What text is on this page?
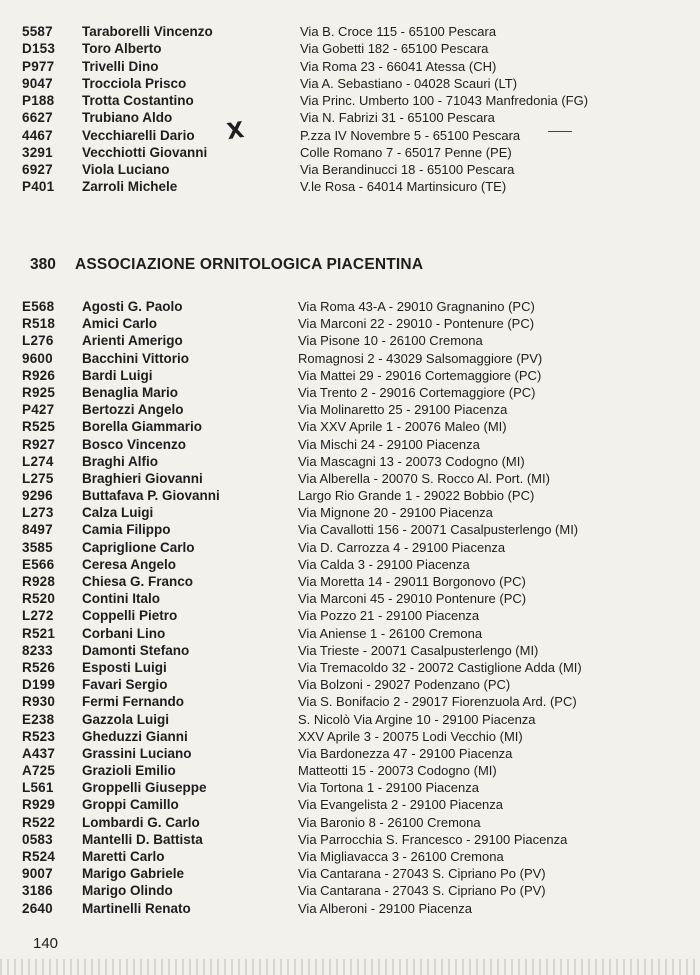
5587 Taraborelli Vincenzo	Via B. Croce 115 - 65100 Pescara
D153 Toro Alberto	Via Gobetti 182 - 65100 Pescara
P977 Trivelli Dino	Via Roma 23 - 66041 Atessa (CH)
9047 Trocciola Prisco	Via A. Sebastiano - 04028 Scauri (LT)
P188 Trotta Costantino	Via Princ. Umberto 100 - 71043 Manfredonia (FG)
6627 Trubiano Aldo	Via N. Fabrizi 31 - 65100 Pescara
4467 Vecchiarelli Dario	P.zza IV Novembre 5 - 65100 Pescara
3291 Vecchiotti Giovanni	Colle Romano 7 - 65017 Penne (PE)
6927 Viola Luciano	Via Berandinucci 18 - 65100 Pescara
P401 Zarroli Michele	V.le Rosa - 64014 Martinsicuro (TE)
X
380 ASSOCIAZIONE ORNITOLOGICA PIACENTINA
E568 Agosti G. Paolo	Via Roma 43-A - 29010 Gragnanino (PC)
R518 Amici Carlo	Via Marconi 22 - 29010 - Pontenure (PC)
L276 Arienti Amerigo	Via Pisone 10 - 26100 Cremona
9600 Bacchini Vittorio	Romagnosi 2 - 43029 Salsomaggiore (PV)
R926 Bardi Luigi	Via Mattei 29 - 29016 Cortemaggiore (PC)
R925 Benaglia Mario	Via Trento 2 - 29016 Cortemaggiore (PC)
P427 Bertozzi Angelo	Via Molinaretto 25 - 29100 Piacenza
R525 Borella Giammario	Via XXV Aprile 1 - 20076 Maleo (MI)
R927 Bosco Vincenzo	Via Mischi 24 - 29100 Piacenza
L274 Braghi Alfio	Via Mascagni 13 - 20073 Codogno (MI)
L275 Braghieri Giovanni	Via Alberella - 20070 S. Rocco Al. Port. (MI)
9296 Buttafava P. Giovanni	Largo Rio Grande 1 - 29022 Bobbio (PC)
L273 Calza Luigi	Via Mignone 20 - 29100 Piacenza
8497 Camia Filippo	Via Cavallotti 156 - 20071 Casalpusterlengo (MI)
3585 Capriglione Carlo	Via D. Carrozza 4 - 29100 Piacenza
E566 Ceresa Angelo	Via Calda 3 - 29100 Piacenza
R928 Chiesa G. Franco	Via Moretta 14 - 29011 Borgonovo (PC)
R520 Contini Italo	Via Marconi 45 - 29010 Pontenure (PC)
L272 Coppelli Pietro	Via Pozzo 21 - 29100 Piacenza
R521 Corbani Lino	Via Aniense 1 - 26100 Cremona
8233 Damonti Stefano	Via Trieste - 20071 Casalpusterlengo (MI)
R526 Esposti Luigi	Via Tremacoldo 32 - 20072 Castiglione Adda (MI)
D199 Favari Sergio	Via Bolzoni - 29027 Podenzano (PC)
R930 Fermi Fernando	Via S. Bonifacio 2 - 29017 Fiorenzuola Ard. (PC)
E238 Gazzola Luigi	S. Nicolò Via Argine 10 - 29100 Piacenza
R523 Gheduzzi Gianni	XXV Aprile 3 - 20075 Lodi Vecchio (MI)
A437 Grassini Luciano	Via Bardonezza 47 - 29100 Piacenza
A725 Grazioli Emilio	Matteotti 15 - 20073 Codogno (MI)
L561 Groppelli Giuseppe	Via Tortona 1 - 29100 Piacenza
R929 Groppi Camillo	Via Evangelista 2 - 29100 Piacenza
R522 Lombardi G. Carlo	Via Baronio 8 - 26100 Cremona
0583 Mantelli D. Battista	Via Parrocchia S. Francesco - 29100 Piacenza
R524 Maretti Carlo	Via Migliavacca 3 - 26100 Cremona
9007 Marigo Gabriele	Via Cantarana - 27043 S. Cipriano Po (PV)
3186 Marigo Olindo	Via Cantarana - 27043 S. Cipriano Po (PV)
2640 Martinelli Renato	Via Alberoni - 29100 Piacenza
140
